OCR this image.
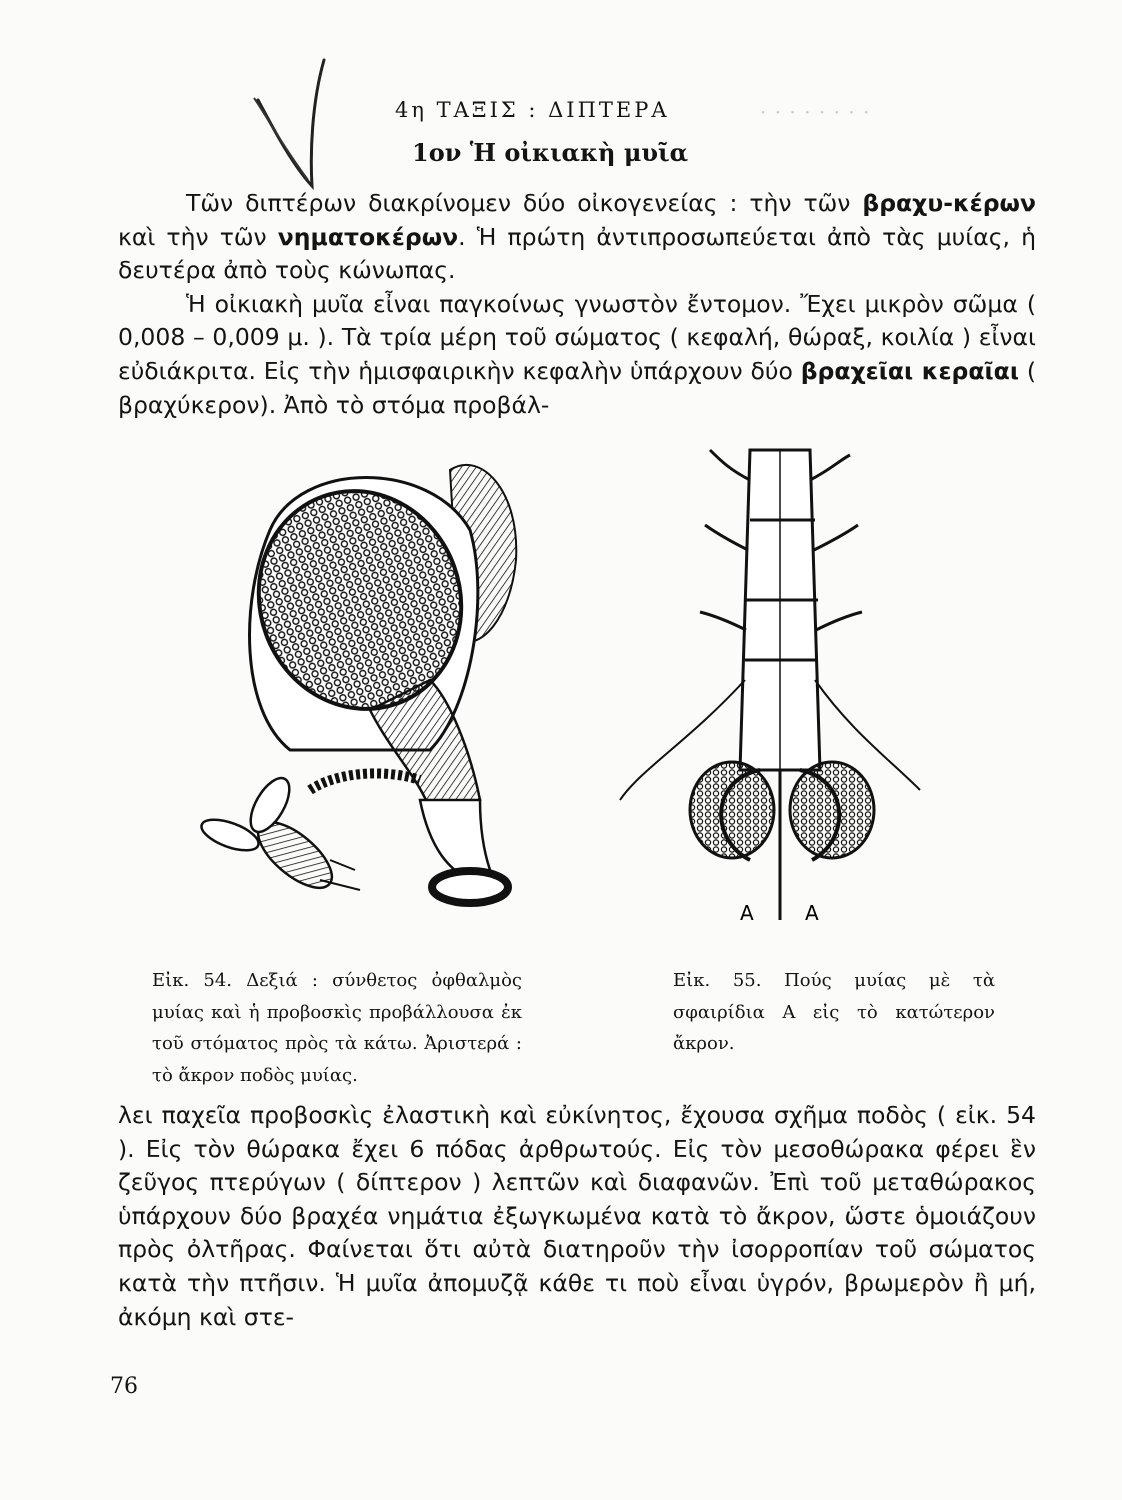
· · · · · · · ·
4η ΤΑΞΙΣ : ΔΙΠΤΕΡΑ
1ον Ἡ οἰκιακὴ μυῖα

Τῶν διπτέρων διακρίνομεν δύο οἰκογενείας : τὴν τῶν βραχυ-κέρων καὶ τὴν τῶν νηματοκέρων. Ἡ πρώτη ἀντιπροσωπεύεται ἀπὸ τὰς μυίας, ἡ δευτέρα ἀπὸ τοὺς κώνωπας.

Ἡ οἰκιακὴ μυῖα εἶναι παγκοίνως γνωστὸν ἔντομον. Ἔχει μικρὸν σῶμα ( 0,008 – 0,009 μ. ). Τὰ τρία μέρη τοῦ σώματος ( κεφαλή, θώραξ, κοιλία ) εἶναι εὐδιάκριτα. Εἰς τὴν ἡμισφαιρικὴν κεφαλὴν ὑπάρχουν δύο βραχεῖαι κεραῖαι ( βραχύκερον). Ἀπὸ τὸ στόμα προβάλ-

Α	Α
Εἰκ. 54. Δεξιά : σύνθετος ὀφθαλμὸς μυίας καὶ ἡ προβοσκὶς προβάλλουσα ἐκ τοῦ στόματος πρὸς τὰ κάτω. Ἀριστερά : τὸ ἄκρον ποδὸς μυίας.
Εἰκ. 55. Πούς μυίας μὲ τὰ σφαιρίδια Α εἰς τὸ κατώτερον ἄκρον.
λει παχεῖα προβοσκὶς ἐλαστικὴ καὶ εὐκίνητος, ἔχουσα σχῆμα ποδὸς ( εἰκ. 54 ). Εἰς τὸν θώρακα ἔχει 6 πόδας ἀρθρωτούς. Εἰς τὸν μεσοθώρακα φέρει ἓν ζεῦγος πτερύγων ( δίπτερον ) λεπτῶν καὶ διαφανῶν. Ἐπὶ τοῦ μεταθώρακος ὑπάρχουν δύο βραχέα νημάτια ἐξωγκωμένα κατὰ τὸ ἄκρον, ὥστε ὁμοιάζουν πρὸς ὀλτῆρας. Φαίνεται ὅτι αὐτὰ διατηροῦν τὴν ἰσορροπίαν τοῦ σώματος κατὰ τὴν πτῆσιν. Ἡ μυῖα ἀπομυζᾷ κάθε τι ποὺ εἶναι ὑγρόν, βρωμερὸν ἢ μή, ἀκόμη καὶ στε-
76
